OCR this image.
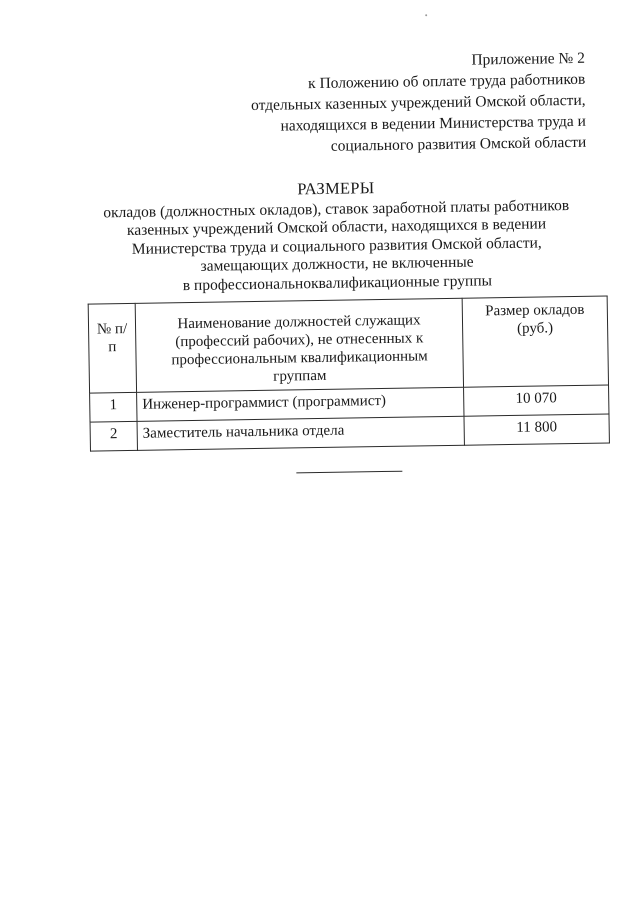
Приложение № 2
к Положению об оплате труда работников
отдельных казенных учреждений Омской области,
находящихся в ведении Министерства труда и
социального развития Омской области
РАЗМЕРЫ
окладов (должностных окладов), ставок заработной платы работников
казенных учреждений Омской области, находящихся в ведении
Министерства труда и социального развития Омской области,
замещающих должности, не включенные
в профессиональноквалификационные группы
№ п/п	Наименование должностей служащих (профессий рабочих), не отнесенных к профессиональным квалификационным группам	Размер окладов (руб.)
1	Инженер-программист (программист)	10 070
2	Заместитель начальника отдела	11 800
